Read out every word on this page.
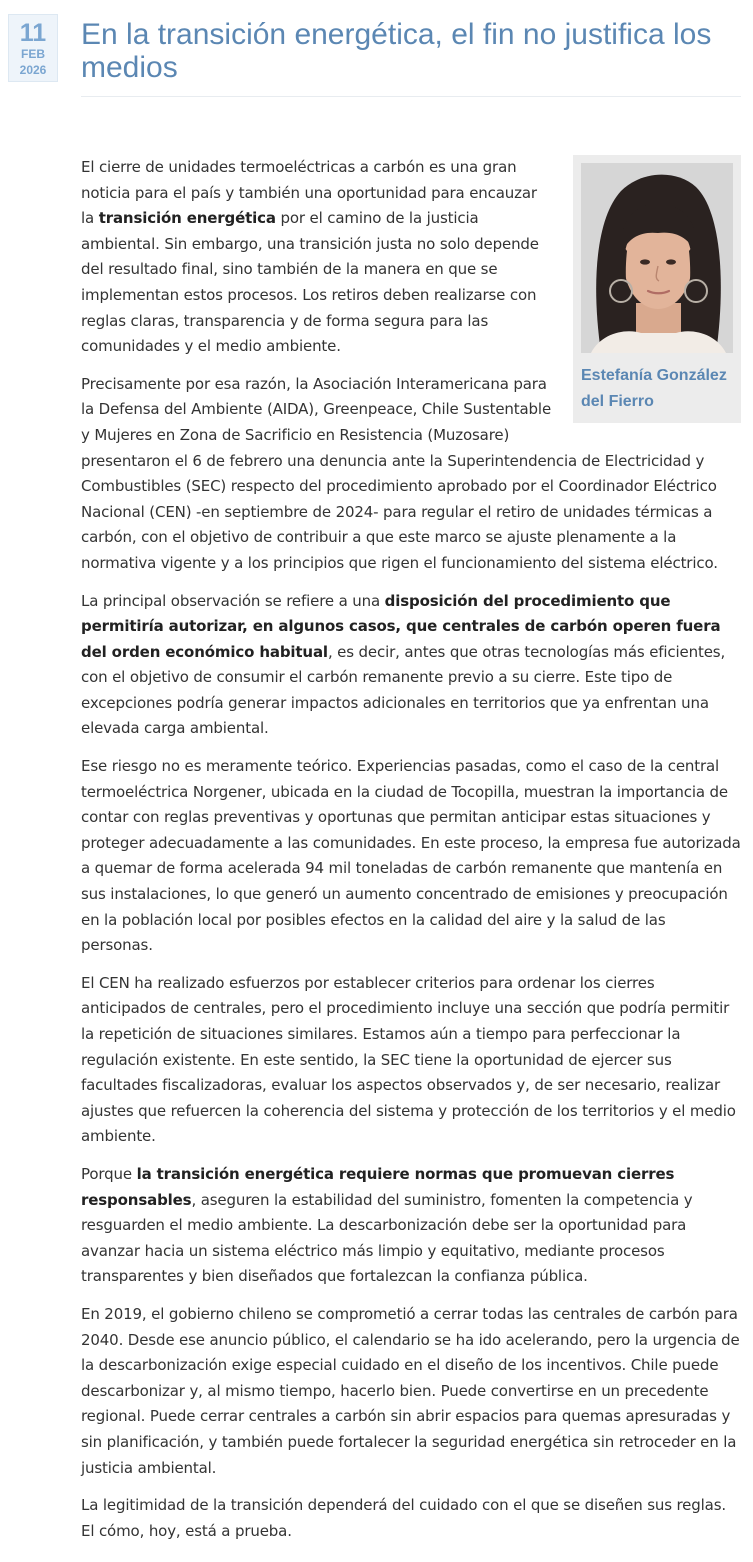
11
FEB
2026
En la transición energética, el fin no justifica los medios
Estefanía González del Fierro

El cierre de unidades termoeléctricas a carbón es una gran noticia para el país y también una oportunidad para encauzar la transición energética por el camino de la justicia ambiental. Sin embargo, una transición justa no solo depende del resultado final, sino también de la manera en que se implementan estos procesos. Los retiros deben realizarse con reglas claras, transparencia y de forma segura para las comunidades y el medio ambiente.

Precisamente por esa razón, la Asociación Interamericana para la Defensa del Ambiente (AIDA), Greenpeace, Chile Sustentable y Mujeres en Zona de Sacrificio en Resistencia (Muzosare) presentaron el 6 de febrero una denuncia ante la Superintendencia de Electricidad y Combustibles (SEC) respecto del procedimiento aprobado por el Coordinador Eléctrico Nacional (CEN) -en septiembre de 2024- para regular el retiro de unidades térmicas a carbón, con el objetivo de contribuir a que este marco se ajuste plenamente a la normativa vigente y a los principios que rigen el funcionamiento del sistema eléctrico.

La principal observación se refiere a una disposición del procedimiento que permitiría autorizar, en algunos casos, que centrales de carbón operen fuera del orden económico habitual, es decir, antes que otras tecnologías más eficientes, con el objetivo de consumir el carbón remanente previo a su cierre. Este tipo de excepciones podría generar impactos adicionales en territorios que ya enfrentan una elevada carga ambiental.

Ese riesgo no es meramente teórico. Experiencias pasadas, como el caso de la central termoeléctrica Norgener, ubicada en la ciudad de Tocopilla, muestran la importancia de contar con reglas preventivas y oportunas que permitan anticipar estas situaciones y proteger adecuadamente a las comunidades. En este proceso, la empresa fue autorizada a quemar de forma acelerada 94 mil toneladas de carbón remanente que mantenía en sus instalaciones, lo que generó un aumento concentrado de emisiones y preocupación en la población local por posibles efectos en la calidad del aire y la salud de las personas.

El CEN ha realizado esfuerzos por establecer criterios para ordenar los cierres anticipados de centrales, pero el procedimiento incluye una sección que podría permitir la repetición de situaciones similares. Estamos aún a tiempo para perfeccionar la regulación existente. En este sentido, la SEC tiene la oportunidad de ejercer sus facultades fiscalizadoras, evaluar los aspectos observados y, de ser necesario, realizar ajustes que refuercen la coherencia del sistema y protección de los territorios y el medio ambiente.

Porque la transición energética requiere normas que promuevan cierres responsables, aseguren la estabilidad del suministro, fomenten la competencia y resguarden el medio ambiente. La descarbonización debe ser la oportunidad para avanzar hacia un sistema eléctrico más limpio y equitativo, mediante procesos transparentes y bien diseñados que fortalezcan la confianza pública.

En 2019, el gobierno chileno se comprometió a cerrar todas las centrales de carbón para 2040. Desde ese anuncio público, el calendario se ha ido acelerando, pero la urgencia de la descarbonización exige especial cuidado en el diseño de los incentivos. Chile puede descarbonizar y, al mismo tiempo, hacerlo bien. Puede convertirse en un precedente regional. Puede cerrar centrales a carbón sin abrir espacios para quemas apresuradas y sin planificación, y también puede fortalecer la seguridad energética sin retroceder en la justicia ambiental.

La legitimidad de la transición dependerá del cuidado con el que se diseñen sus reglas. El cómo, hoy, está a prueba.
